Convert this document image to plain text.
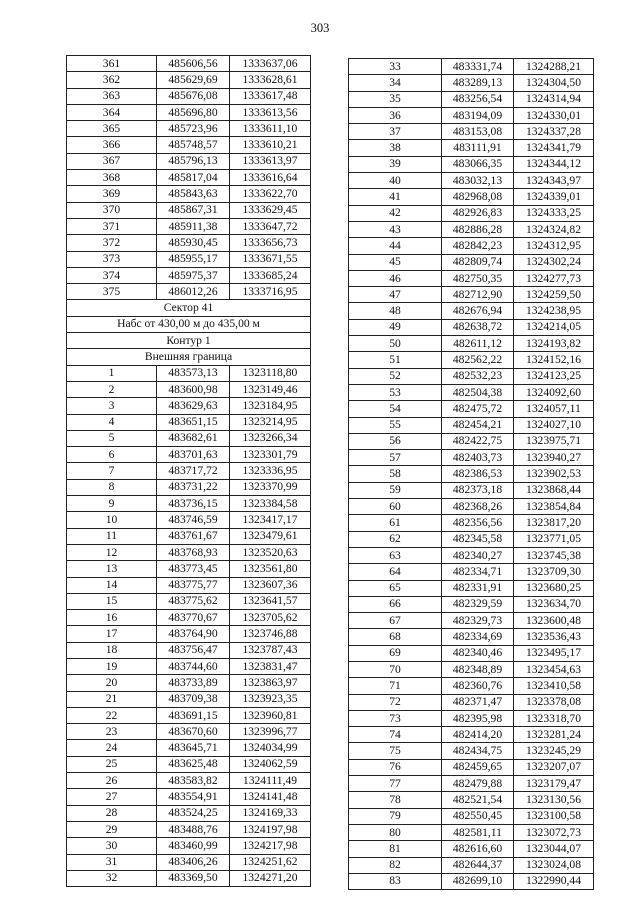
303
361	485606,56	1333637,06
362	485629,69	1333628,61
363	485676,08	1333617,48
364	485696,80	1333613,56
365	485723,96	1333611,10
366	485748,57	1333610,21
367	485796,13	1333613,97
368	485817,04	1333616,64
369	485843,63	1333622,70
370	485867,31	1333629,45
371	485911,38	1333647,72
372	485930,45	1333656,73
373	485955,17	1333671,55
374	485975,37	1333685,24
375	486012,26	1333716,95
Сектор 41		
Набс от 430,00 м до 435,00 м		
Контур 1		
Внешняя граница		
1	483573,13	1323118,80
2	483600,98	1323149,46
3	483629,63	1323184,95
4	483651,15	1323214,95
5	483682,61	1323266,34
6	483701,63	1323301,79
7	483717,72	1323336,95
8	483731,22	1323370,99
9	483736,15	1323384,58
10	483746,59	1323417,17
11	483761,67	1323479,61
12	483768,93	1323520,63
13	483773,45	1323561,80
14	483775,77	1323607,36
15	483775,62	1323641,57
16	483770,67	1323705,62
17	483764,90	1323746,88
18	483756,47	1323787,43
19	483744,60	1323831,47
20	483733,89	1323863,97
21	483709,38	1323923,35
22	483691,15	1323960,81
23	483670,60	1323996,77
24	483645,71	1324034,99
25	483625,48	1324062,59
26	483583,82	1324111,49
27	483554,91	1324141,48
28	483524,25	1324169,33
29	483488,76	1324197,98
30	483460,99	1324217,98
31	483406,26	1324251,62
32	483369,50	1324271,20
33	483331,74	1324288,21
34	483289,13	1324304,50
35	483256,54	1324314,94
36	483194,09	1324330,01
37	483153,08	1324337,28
38	483111,91	1324341,79
39	483066,35	1324344,12
40	483032,13	1324343,97
41	482968,08	1324339,01
42	482926,83	1324333,25
43	482886,28	1324324,82
44	482842,23	1324312,95
45	482809,74	1324302,24
46	482750,35	1324277,73
47	482712,90	1324259,50
48	482676,94	1324238,95
49	482638,72	1324214,05
50	482611,12	1324193,82
51	482562,22	1324152,16
52	482532,23	1324123,25
53	482504,38	1324092,60
54	482475,72	1324057,11
55	482454,21	1324027,10
56	482422,75	1323975,71
57	482403,73	1323940,27
58	482386,53	1323902,53
59	482373,18	1323868,44
60	482368,26	1323854,84
61	482356,56	1323817,20
62	482345,58	1323771,05
63	482340,27	1323745,38
64	482334,71	1323709,30
65	482331,91	1323680,25
66	482329,59	1323634,70
67	482329,73	1323600,48
68	482334,69	1323536,43
69	482340,46	1323495,17
70	482348,89	1323454,63
71	482360,76	1323410,58
72	482371,47	1323378,08
73	482395,98	1323318,70
74	482414,20	1323281,24
75	482434,75	1323245,29
76	482459,65	1323207,07
77	482479,88	1323179,47
78	482521,54	1323130,56
79	482550,45	1323100,58
80	482581,11	1323072,73
81	482616,60	1323044,07
82	482644,37	1323024,08
83	482699,10	1322990,44
